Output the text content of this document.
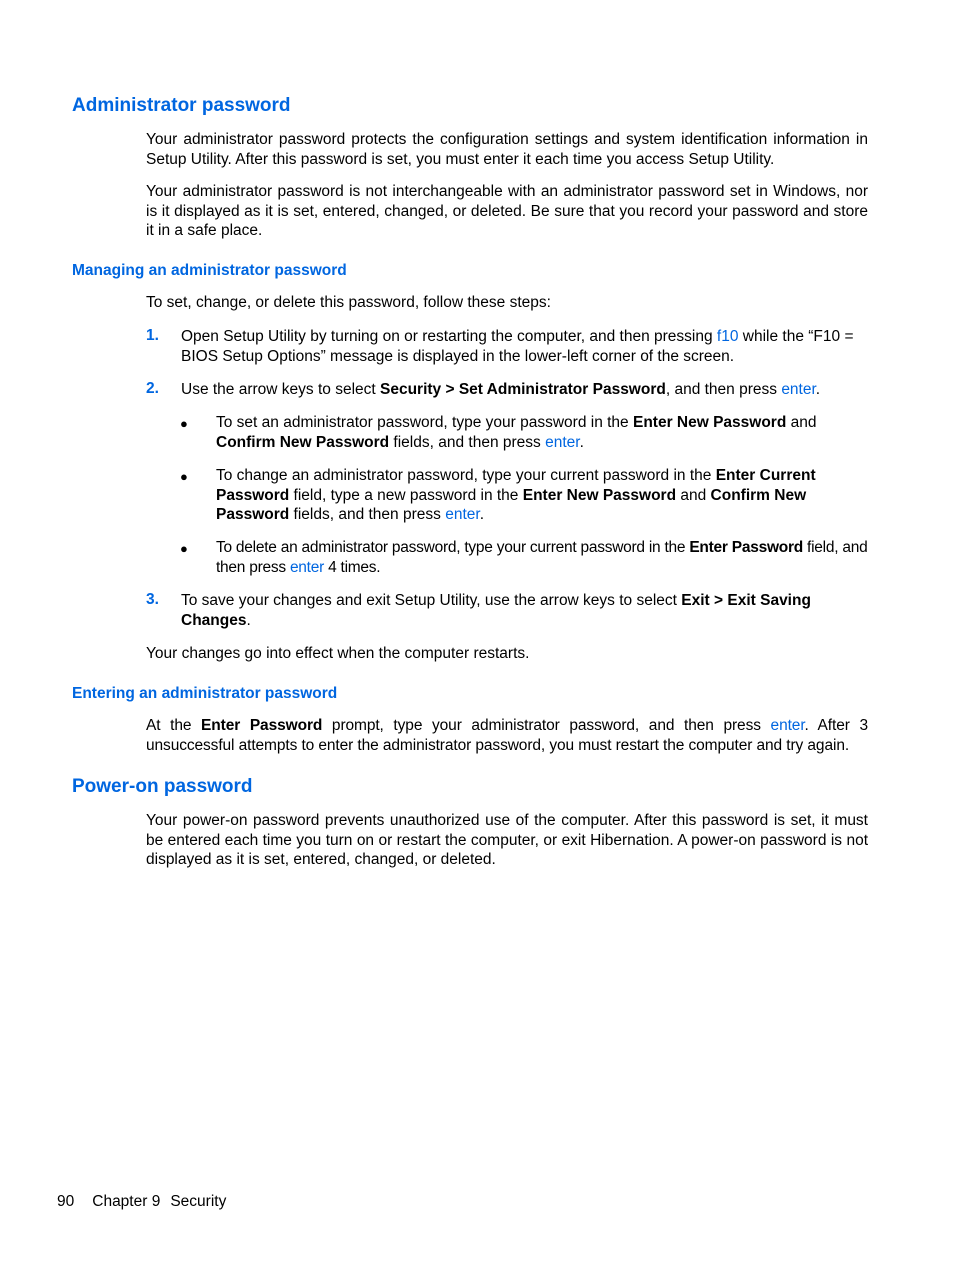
Administrator password
Your administrator password protects the configuration settings and system identification information in Setup Utility. After this password is set, you must enter it each time you access Setup Utility.
Your administrator password is not interchangeable with an administrator password set in Windows, nor is it displayed as it is set, entered, changed, or deleted. Be sure that you record your password and store it in a safe place.
Managing an administrator password
To set, change, or delete this password, follow these steps:
1. Open Setup Utility by turning on or restarting the computer, and then pressing f10 while the “F10 = BIOS Setup Options” message is displayed in the lower-left corner of the screen.
2. Use the arrow keys to select Security > Set Administrator Password, and then press enter.
● To set an administrator password, type your password in the Enter New Password and Confirm New Password fields, and then press enter.
● To change an administrator password, type your current password in the Enter Current Password field, type a new password in the Enter New Password and Confirm New Password fields, and then press enter.
● To delete an administrator password, type your current password in the Enter Password field, and then press enter 4 times.
3. To save your changes and exit Setup Utility, use the arrow keys to select Exit > Exit Saving Changes.
Your changes go into effect when the computer restarts.
Entering an administrator password
At the Enter Password prompt, type your administrator password, and then press enter. After 3 unsuccessful attempts to enter the administrator password, you must restart the computer and try again.
Power-on password
Your power-on password prevents unauthorized use of the computer. After this password is set, it must be entered each time you turn on or restart the computer, or exit Hibernation. A power-on password is not displayed as it is set, entered, changed, or deleted.
90 Chapter 9 Security
